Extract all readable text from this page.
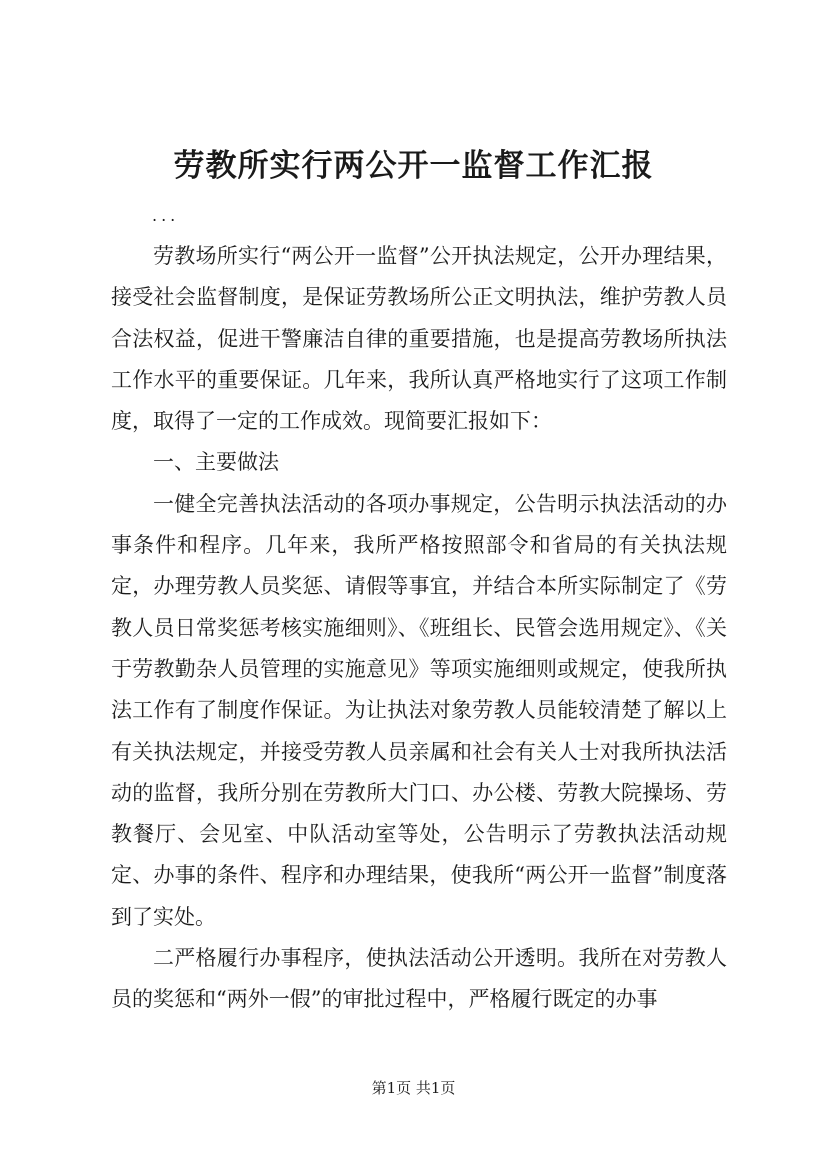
劳教所实行两公开一监督工作汇报
...

劳教场所实行“两公开一监督”公开执法规定，公开办理结果，接受社会监督制度，是保证劳教场所公正文明执法，维护劳教人员合法权益，促进干警廉洁自律的重要措施，也是提高劳教场所执法工作水平的重要保证。几年来，我所认真严格地实行了这项工作制度，取得了一定的工作成效。现简要汇报如下：

一、主要做法

一健全完善执法活动的各项办事规定，公告明示执法活动的办事条件和程序。几年来，我所严格按照部令和省局的有关执法规定，办理劳教人员奖惩、请假等事宜，并结合本所实际制定了《劳教人员日常奖惩考核实施细则》、《班组长、民管会选用规定》、《关于劳教勤杂人员管理的实施意见》等项实施细则或规定，使我所执法工作有了制度作保证。为让执法对象劳教人员能较清楚了解以上有关执法规定，并接受劳教人员亲属和社会有关人士对我所执法活动的监督，我所分别在劳教所大门口、办公楼、劳教大院操场、劳教餐厅、会见室、中队活动室等处，公告明示了劳教执法活动规定、办事的条件、程序和办理结果，使我所“两公开一监督”制度落到了实处。

二严格履行办事程序，使执法活动公开透明。我所在对劳教人员的奖惩和“两外一假”的审批过程中，严格履行既定的办事

第1页 共1页
